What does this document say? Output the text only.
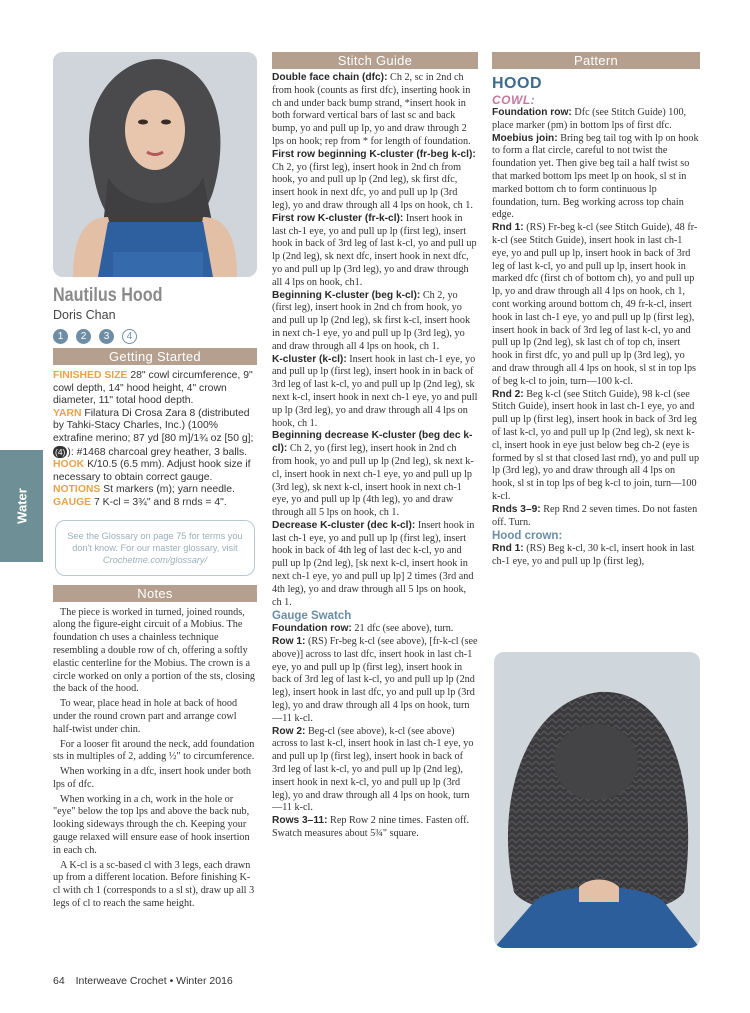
Water
Nautilus Hood
Doris Chan
1 2 3 4
Getting Started
FINISHED SIZE 28" cowl circumference, 9" cowl depth, 14" hood height, 4" crown diameter, 11" total hood depth.
YARN Filatura Di Crosa Zara 8 (distributed by Tahki-Stacy Charles, Inc.) (100% extrafine merino; 87 yd [80 m]/1¾ oz [50 g]; (4) ): #1468 charcoal grey heather, 3 balls.
HOOK K/10.5 (6.5 mm). Adjust hook size if necessary to obtain correct gauge.
NOTIONS St markers (m); yarn needle.
GAUGE 7 K-cl = 3¾" and 8 rnds = 4".
See the Glossary on page 75 for terms you don't know. For our master glossary, visit Crochetme.com/glossary/
Notes

The piece is worked in turned, joined rounds, along the figure-eight circuit of a Mobius. The foundation ch uses a chainless technique resembling a double row of ch, offering a softly elastic centerline for the Mobius. The crown is a circle worked on only a portion of the sts, closing the back of the hood.

To wear, place head in hole at back of hood under the round crown part and arrange cowl half-twist under chin.

For a looser fit around the neck, add foundation sts in multiples of 2, adding ½" to circumference.

When working in a dfc, insert hook under both lps of dfc.

When working in a ch, work in the hole or "eye" below the top lps and above the back nub, looking sideways through the ch. Keeping your gauge relaxed will ensure ease of hook insertion in each ch.

A K-cl is a sc-based cl with 3 legs, each drawn up from a different location. Before finishing K-cl with ch 1 (corresponds to a sl st), draw up all 3 legs of cl to reach the same height.

Stitch Guide

Double face chain (dfc): Ch 2, sc in 2nd ch from hook (counts as first dfc), inserting hook in ch and under back bump strand, *insert hook in both forward vertical bars of last sc and back bump, yo and pull up lp, yo and draw through 2 lps on hook; rep from * for length of foundation.

First row beginning K-cluster (fr-beg k-cl): Ch 2, yo (first leg), insert hook in 2nd ch from hook, yo and pull up lp (2nd leg), sk first dfc, insert hook in next dfc, yo and pull up lp (3rd leg), yo and draw through all 4 lps on hook, ch 1.

First row K-cluster (fr-k-cl): Insert hook in last ch-1 eye, yo and pull up lp (first leg), insert hook in back of 3rd leg of last k-cl, yo and pull up lp (2nd leg), sk next dfc, insert hook in next dfc, yo and pull up lp (3rd leg), yo and draw through all 4 lps on hook, ch1.

Beginning K-cluster (beg k-cl): Ch 2, yo (first leg), insert hook in 2nd ch from hook, yo and pull up lp (2nd leg), sk first k-cl, insert hook in next ch-1 eye, yo and pull up lp (3rd leg), yo and draw through all 4 lps on hook, ch 1.

K-cluster (k-cl): Insert hook in last ch-1 eye, yo and pull up lp (first leg), insert hook in in back of 3rd leg of last k-cl, yo and pull up lp (2nd leg), sk next k-cl, insert hook in next ch-1 eye, yo and pull up lp (3rd leg), yo and draw through all 4 lps on hook, ch 1.

Beginning decrease K-cluster (beg dec k-cl): Ch 2, yo (first leg), insert hook in 2nd ch from hook, yo and pull up lp (2nd leg), sk next k-cl, insert hook in next ch-1 eye, yo and pull up lp (3rd leg), sk next k-cl, insert hook in next ch-1 eye, yo and pull up lp (4th leg), yo and draw through all 5 lps on hook, ch 1.

Decrease K-cluster (dec k-cl): Insert hook in last ch-1 eye, yo and pull up lp (first leg), insert hook in back of 4th leg of last dec k-cl, yo and pull up lp (2nd leg), [sk next k-cl, insert hook in next ch-1 eye, yo and pull up lp] 2 times (3rd and 4th leg), yo and draw through all 5 lps on hook, ch 1.

Gauge Swatch

Foundation row: 21 dfc (see above), turn.

Row 1: (RS) Fr-beg k-cl (see above), [fr-k-cl (see above)] across to last dfc, insert hook in last ch-1 eye, yo and pull up lp (first leg), insert hook in back of 3rd leg of last k-cl, yo and pull up lp (2nd leg), insert hook in last dfc, yo and pull up lp (3rd leg), yo and draw through all 4 lps on hook, turn—11 k-cl.

Row 2: Beg-cl (see above), k-cl (see above) across to last k-cl, insert hook in last ch-1 eye, yo and pull up lp (first leg), insert hook in back of 3rd leg of last k-cl, yo and pull up lp (2nd leg), insert hook in next k-cl, yo and pull up lp (3rd leg), yo and draw through all 4 lps on hook, turn—11 k-cl.

Rows 3–11: Rep Row 2 nine times. Fasten off.

Swatch measures about 5¾" square.

Pattern
HOOD
COWL:

Foundation row: Dfc (see Stitch Guide) 100, place marker (pm) in bottom lps of first dfc.

Moebius join: Bring beg tail tog with lp on hook to form a flat circle, careful to not twist the foundation yet. Then give beg tail a half twist so that marked bottom lps meet lp on hook, sl st in marked bottom ch to form continuous lp foundation, turn. Beg working across top chain edge.

Rnd 1: (RS) Fr-beg k-cl (see Stitch Guide), 48 fr-k-cl (see Stitch Guide), insert hook in last ch-1 eye, yo and pull up lp, insert hook in back of 3rd leg of last k-cl, yo and pull up lp, insert hook in marked dfc (first ch of bottom ch), yo and pull up lp, yo and draw through all 4 lps on hook, ch 1, cont working around bottom ch, 49 fr-k-cl, insert hook in last ch-1 eye, yo and pull up lp (first leg), insert hook in back of 3rd leg of last k-cl, yo and pull up lp (2nd leg), sk last ch of top ch, insert hook in first dfc, yo and pull up lp (3rd leg), yo and draw through all 4 lps on hook, sl st in top lps of beg k-cl to join, turn—100 k-cl.

Rnd 2: Beg k-cl (see Stitch Guide), 98 k-cl (see Stitch Guide), insert hook in last ch-1 eye, yo and pull up lp (first leg), insert hook in back of 3rd leg of last k-cl, yo and pull up lp (2nd leg), sk next k-cl, insert hook in eye just below beg ch-2 (eye is formed by sl st that closed last rnd), yo and pull up lp (3rd leg), yo and draw through all 4 lps on hook, sl st in top lps of beg k-cl to join, turn—100 k-cl.

Rnds 3–9: Rep Rnd 2 seven times. Do not fasten off. Turn.

Hood crown:

Rnd 1: (RS) Beg k-cl, 30 k-cl, insert hook in last ch-1 eye, yo and pull up lp (first leg),

64 Interweave Crochet • Winter 2016
